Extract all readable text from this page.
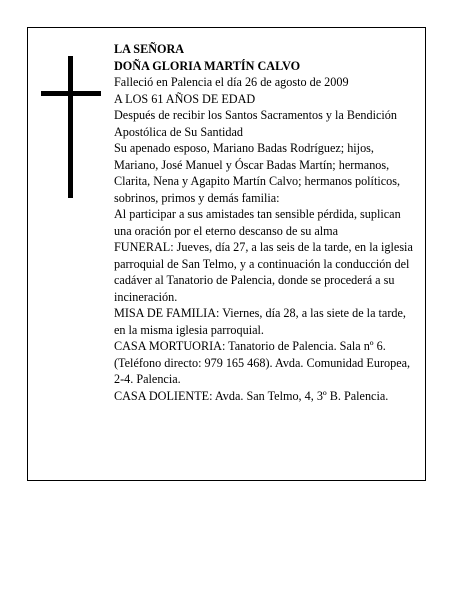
LA SEÑORA

DOÑA GLORIA MARTÍN CALVO

Falleció en Palencia el día 26 de agosto de 2009

A LOS 61 AÑOS DE EDAD

Después de recibir los Santos Sacramentos y la Bendición Apostólica de Su Santidad

Su apenado esposo, Mariano Badas Rodríguez; hijos, Mariano, José Manuel y Óscar Badas Martín; hermanos, Clarita, Nena y Agapito Martín Calvo; hermanos políticos, sobrinos, primos y demás familia:

Al participar a sus amistades tan sensible pérdida, suplican una oración por el eterno descanso de su alma

FUNERAL: Jueves, día 27, a las seis de la tarde, en la iglesia parroquial de San Telmo, y a continuación la conducción del cadáver al Tanatorio de Palencia, donde se procederá a su incineración.

MISA DE FAMILIA: Viernes, día 28, a las siete de la tarde, en la misma iglesia parroquial.

CASA MORTUORIA: Tanatorio de Palencia. Sala nº 6. (Teléfono directo: 979 165 468). Avda. Comunidad Europea, 2-4. Palencia.

CASA DOLIENTE: Avda. San Telmo, 4, 3º B. Palencia.
